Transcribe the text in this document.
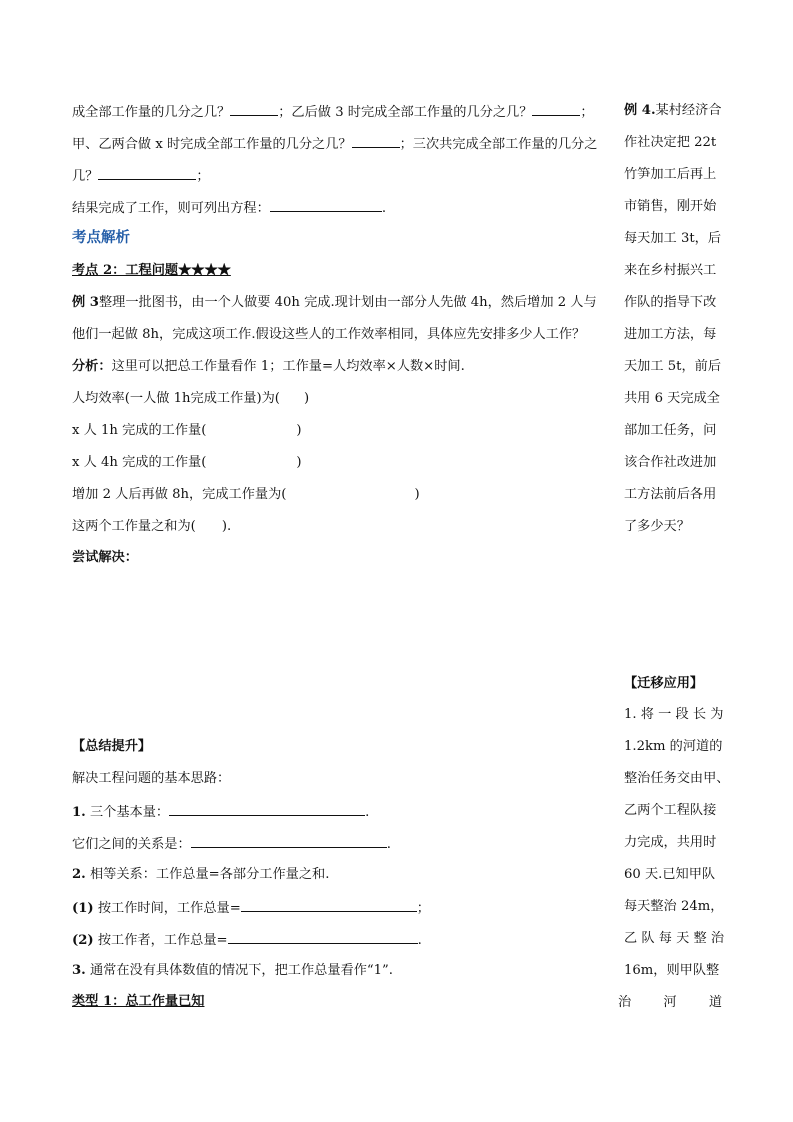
成全部工作量的几分之几？	；乙后做 3 时完成全部工作量的几分之几？	；
甲、乙两合做 x 时完成全部工作量的几分之几？	；三次共完成全部工作量的几分之
几？	；
结果完成了工作，则可列出方程：	.
考点解析
考点 2：工程问题★★★★
例 3整理一批图书，由一个人做要 40h 完成.现计划由一部分人先做 4h，然后增加 2 人与
他们一起做 8h，完成这项工作.假设这些人的工作效率相同，具体应先安排多少人工作？
分析：这里可以把总工作量看作 1；工作量=人均效率×人数×时间.
人均效率(一人做 1h完成工作量)为( )
x 人 1h 完成的工作量(	)
x 人 4h 完成的工作量(	)
增加 2 人后再做 8h，完成工作量为(	)
这两个工作量之和为( ).
尝试解决：
【总结提升】
解决工程问题的基本思路：
1. 三个基本量：	.
它们之间的关系是：	.
2. 相等关系：工作总量=各部分工作量之和.
(1) 按工作时间，工作总量=	；
(2) 按工作者，工作总量=	.
3. 通常在没有具体数值的情况下，把工作总量看作“1”.
类型 1：总工作量已知
例 4.某村经济合
作社决定把 22t
竹笋加工后再上
市销售，刚开始
每天加工 3t，后
来在乡村振兴工
作队的指导下改
进加工方法，每
天加工 5t，前后
共用 6 天完成全
部加工任务，问
该合作社改进加
工方法前后各用
了多少天？
【迁移应用】
1. 将 一 段 长 为
1.2km 的河道的
整治任务交由甲、
乙两个工程队接
力完成，共用时
60 天.已知甲队
每天整治 24m，
乙 队 每 天 整 治
16m，则甲队整
治 河 道
